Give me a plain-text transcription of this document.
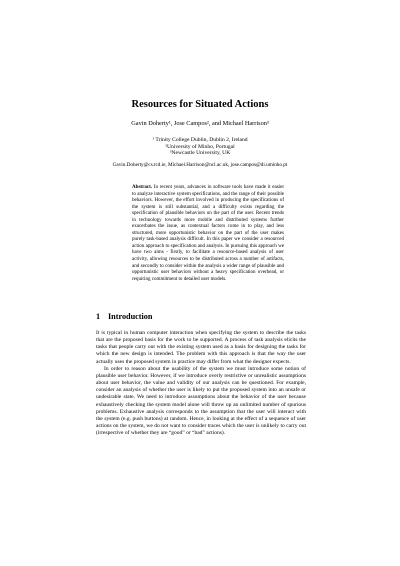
Resources for Situated Actions
Gavin Doherty¹, Jose Campos², and Michael Harrison³
¹ Trinity College Dublin, Dublin 2, Ireland
²University of Minho, Portugal
³Newcastle University, UK
Gavin.Doherty@cs.tcd.ie, Michael.Harrison@ncl.ac.uk, jose.campos@di.uminho.pt
Abstract. In recent years, advances in software tools have made it easier to analyze interactive system specifications, and the range of their possible behaviors. However, the effort involved in producing the specifications of the system is still substantial, and a difficulty exists regarding the specification of plausible behaviors on the part of the user. Recent trends in technology towards more mobile and distributed systems further exacerbates the issue, as contextual factors come in to play, and less structured, more opportunistic behavior on the part of the user makes purely task-based analysis difficult. In this paper we consider a resourced action approach to specification and analysis. In pursuing this approach we have two aims - firstly, to facilitate a resource-based analysis of user activity, allowing resources to be distributed across a number of artifacts, and secondly to consider within the analysis a wider range of plausible and opportunistic user behaviors without a heavy specification overhead, or requiring commitment to detailed user models.
1 Introduction

It is typical in human computer interaction when specifying the system to describe the tasks that are the proposed basis for the work to be supported. A process of task analysis elicits the tasks that people carry out with the existing system used as a basis for designing the tasks for which the new design is intended. The problem with this approach is that the way the user actually uses the proposed system in practice may differ from what the designer expects.

In order to reason about the usability of the system we must introduce some notion of plausible user behavior. However, if we introduce overly restrictive or unrealistic assumptions about user behavior, the value and validity of our analysis can be questioned. For example, consider an analysis of whether the user is likely to put the proposed system into an unsafe or undesirable state. We need to introduce assumptions about the behavior of the user because exhaustively checking the system model alone will throw up an unlimited number of spurious problems. Exhaustive analysis corresponds to the assumption that the user will interact with the system (e.g. push buttons) at random. Hence, in looking at the effect of a sequence of user actions on the system, we do not want to consider traces which the user is unlikely to carry out (irrespective of whether they are “good” or “bad” actions).
